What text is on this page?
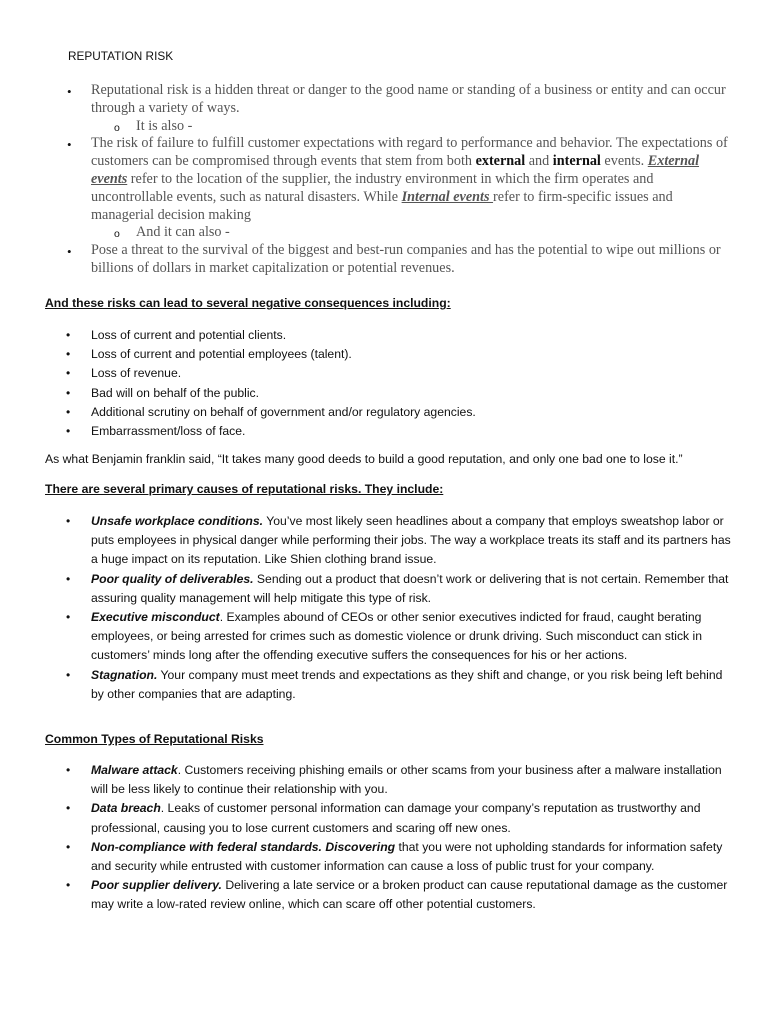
REPUTATION RISK
• Reputational risk is a hidden threat or danger to the good name or standing of a business or entity and can occur through a variety of ways.
o It is also -
• The risk of failure to fulfill customer expectations with regard to performance and behavior. The expectations of customers can be compromised through events that stem from both external and internal events. External events refer to the location of the supplier, the industry environment in which the firm operates and uncontrollable events, such as natural disasters. While Internal events refer to firm-specific issues and managerial decision making
o And it can also -
• Pose a threat to the survival of the biggest and best-run companies and has the potential to wipe out millions or billions of dollars in market capitalization or potential revenues.
And these risks can lead to several negative consequences including:
• Loss of current and potential clients.
• Loss of current and potential employees (talent).
• Loss of revenue.
• Bad will on behalf of the public.
• Additional scrutiny on behalf of government and/or regulatory agencies.
• Embarrassment/loss of face.
As what Benjamin franklin said, “It takes many good deeds to build a good reputation, and only one bad one to lose it.”
There are several primary causes of reputational risks. They include:
• Unsafe workplace conditions. You’ve most likely seen headlines about a company that employs sweatshop labor or puts employees in physical danger while performing their jobs. The way a workplace treats its staff and its partners has a huge impact on its reputation. Like Shien clothing brand issue.
• Poor quality of deliverables. Sending out a product that doesn’t work or delivering that is not certain. Remember that assuring quality management will help mitigate this type of risk.
• Executive misconduct. Examples abound of CEOs or other senior executives indicted for fraud, caught berating employees, or being arrested for crimes such as domestic violence or drunk driving. Such misconduct can stick in customers’ minds long after the offending executive suffers the consequences for his or her actions.
• Stagnation. Your company must meet trends and expectations as they shift and change, or you risk being left behind by other companies that are adapting.
Common Types of Reputational Risks
• Malware attack. Customers receiving phishing emails or other scams from your business after a malware installation will be less likely to continue their relationship with you.
• Data breach. Leaks of customer personal information can damage your company’s reputation as trustworthy and professional, causing you to lose current customers and scaring off new ones.
• Non-compliance with federal standards. Discovering that you were not upholding standards for information safety and security while entrusted with customer information can cause a loss of public trust for your company.
• Poor supplier delivery. Delivering a late service or a broken product can cause reputational damage as the customer may write a low-rated review online, which can scare off other potential customers.
